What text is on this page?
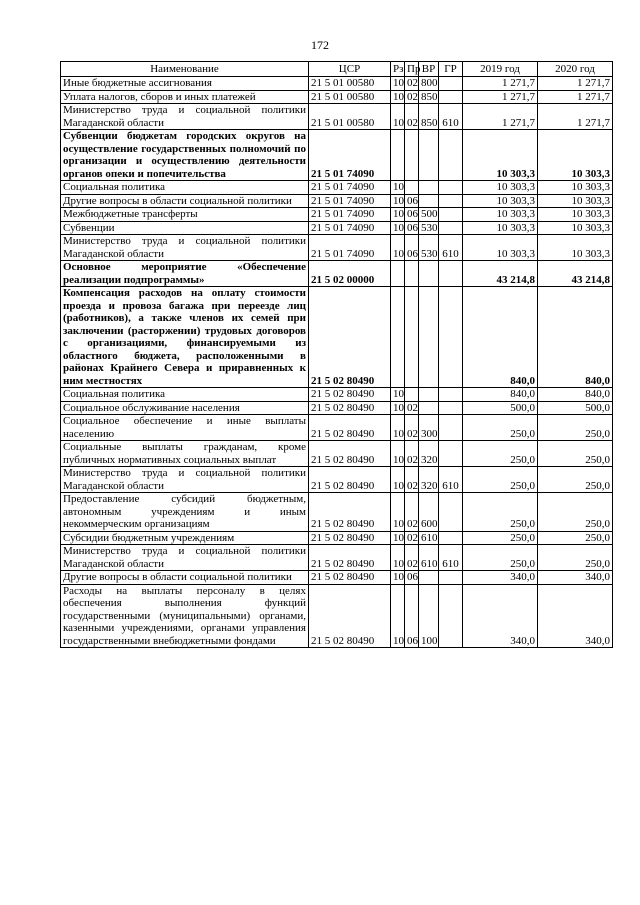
172
Наименование	ЦСР	Рз	Пр	ВР	ГР	2019 год	2020 год
Иные бюджетные ассигнования	21 5 01 00580	10	02	800		1 271,7	1 271,7
Уплата налогов, сборов и иных платежей	21 5 01 00580	10	02	850		1 271,7	1 271,7
Министерство труда и социальной политики Магаданской области	21 5 01 00580	10	02	850	610	1 271,7	1 271,7
Субвенции бюджетам городских округов на осуществление государственных полномочий по организации и осуществлению деятельности органов опеки и попечительства	21 5 01 74090					10 303,3	10 303,3
Социальная политика	21 5 01 74090	10				10 303,3	10 303,3
Другие вопросы в области социальной политики	21 5 01 74090	10	06			10 303,3	10 303,3
Межбюджетные трансферты	21 5 01 74090	10	06	500		10 303,3	10 303,3
Субвенции	21 5 01 74090	10	06	530		10 303,3	10 303,3
Министерство труда и социальной политики Магаданской области	21 5 01 74090	10	06	530	610	10 303,3	10 303,3
Основное мероприятие «Обеспечение реализации подпрограммы»	21 5 02 00000					43 214,8	43 214,8
Компенсация расходов на оплату стоимости проезда и провоза багажа при переезде лиц (работников), а также членов их семей при заключении (расторжении) трудовых договоров с организациями, финансируемыми из областного бюджета, расположенными в районах Крайнего Севера и приравненных к ним местностях	21 5 02 80490					840,0	840,0
Социальная политика	21 5 02 80490	10				840,0	840,0
Социальное обслуживание населения	21 5 02 80490	10	02			500,0	500,0
Социальное обеспечение и иные выплаты населению	21 5 02 80490	10	02	300		250,0	250,0
Социальные выплаты гражданам, кроме публичных нормативных социальных выплат	21 5 02 80490	10	02	320		250,0	250,0
Министерство труда и социальной политики Магаданской области	21 5 02 80490	10	02	320	610	250,0	250,0
Предоставление субсидий бюджетным, автономным учреждениям и иным некоммерческим организациям	21 5 02 80490	10	02	600		250,0	250,0
Субсидии бюджетным учреждениям	21 5 02 80490	10	02	610		250,0	250,0
Министерство труда и социальной политики Магаданской области	21 5 02 80490	10	02	610	610	250,0	250,0
Другие вопросы в области социальной политики	21 5 02 80490	10	06			340,0	340,0
Расходы на выплаты персоналу в целях обеспечения выполнения функций государственными (муниципальными) органами, казенными учреждениями, органами управления государственными внебюджетными фондами	21 5 02 80490	10	06	100		340,0	340,0
